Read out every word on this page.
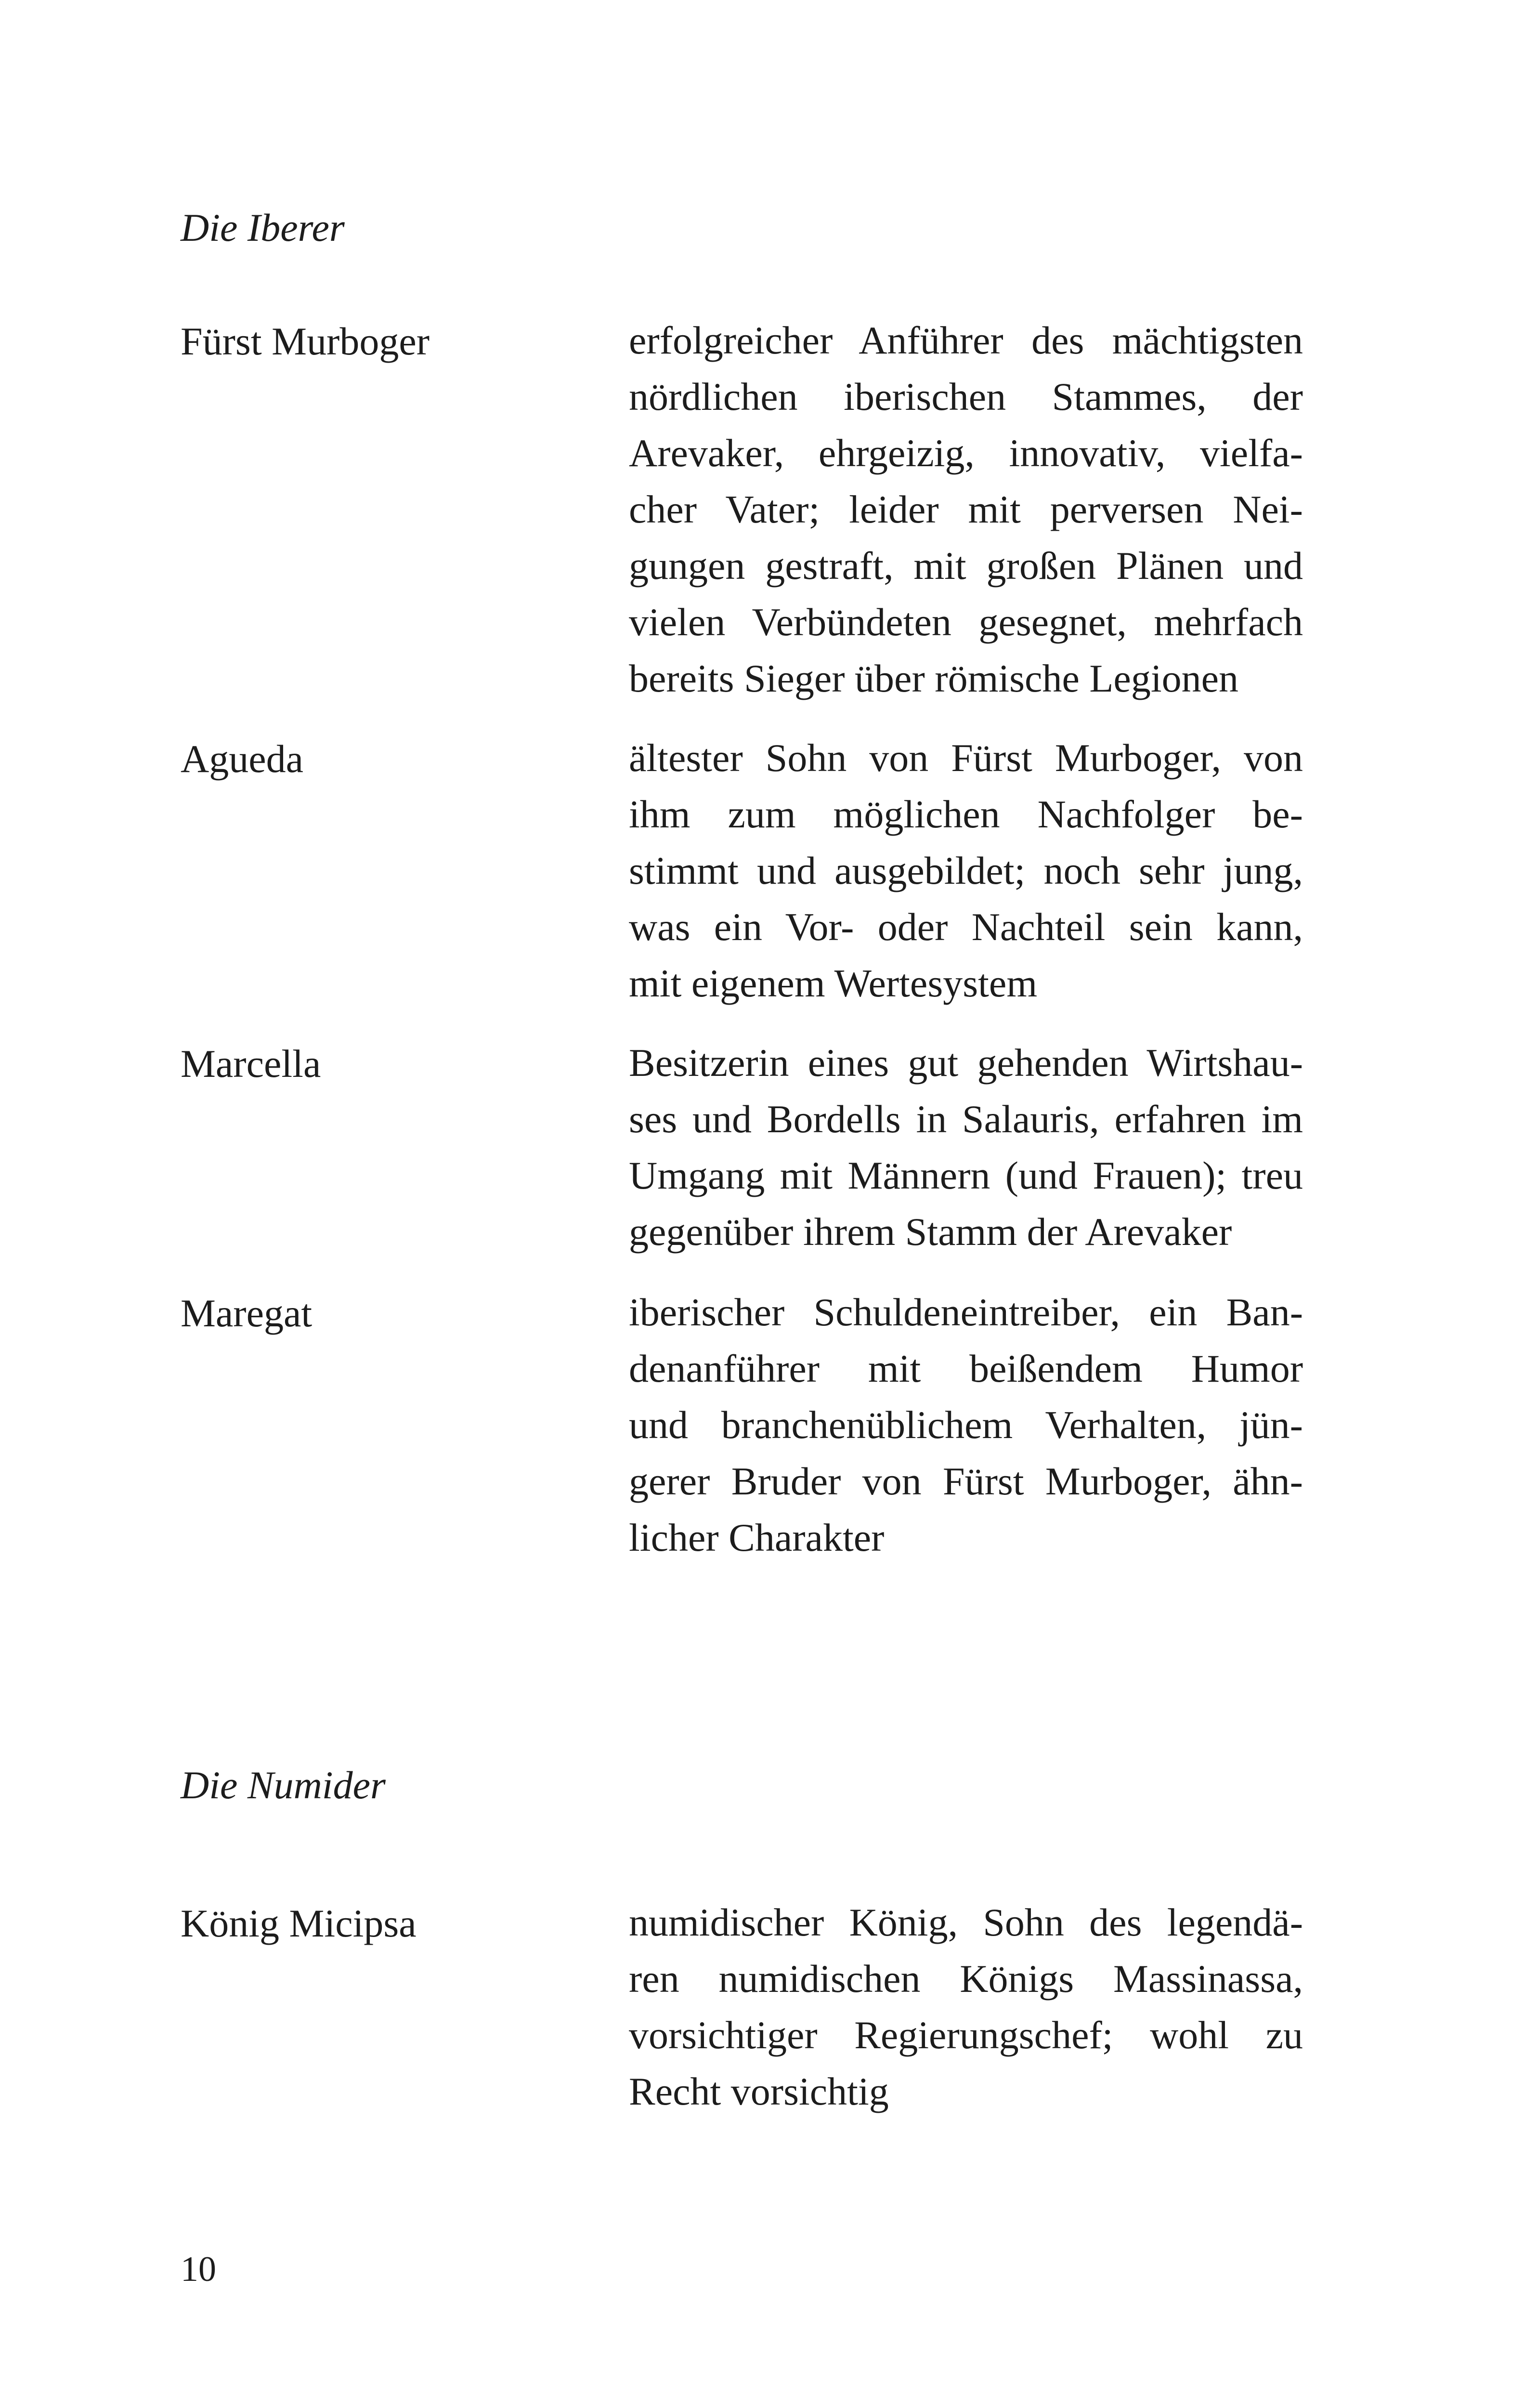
Die Iberer
Fürst Murboger	erfolgreicher Anführer des mächtigsten
nördlichen iberischen Stammes, der
Arevaker, ehrgeizig, innovativ, vielfa-
cher Vater; leider mit perversen Nei-
gungen gestraft, mit großen Plänen und
vielen Verbündeten gesegnet, mehrfach
bereits Sieger über römische Legionen
Agueda	ältester Sohn von Fürst Murboger, von
ihm zum möglichen Nachfolger be-
stimmt und ausgebildet; noch sehr jung,
was ein Vor- oder Nachteil sein kann,
mit eigenem Wertesystem
Marcella	Besitzerin eines gut gehenden Wirtshau-
ses und Bordells in Salauris, erfahren im
Umgang mit Männern (und Frauen); treu
gegenüber ihrem Stamm der Arevaker
Maregat	iberischer Schuldeneintreiber, ein Ban-
denanführer mit beißendem Humor
und branchenüblichem Verhalten, jün-
gerer Bruder von Fürst Murboger, ähn-
licher Charakter
Die Numider
König Micipsa	numidischer König, Sohn des legendä-
ren numidischen Königs Massinassa,
vorsichtiger Regierungschef; wohl zu
Recht vorsichtig
10
